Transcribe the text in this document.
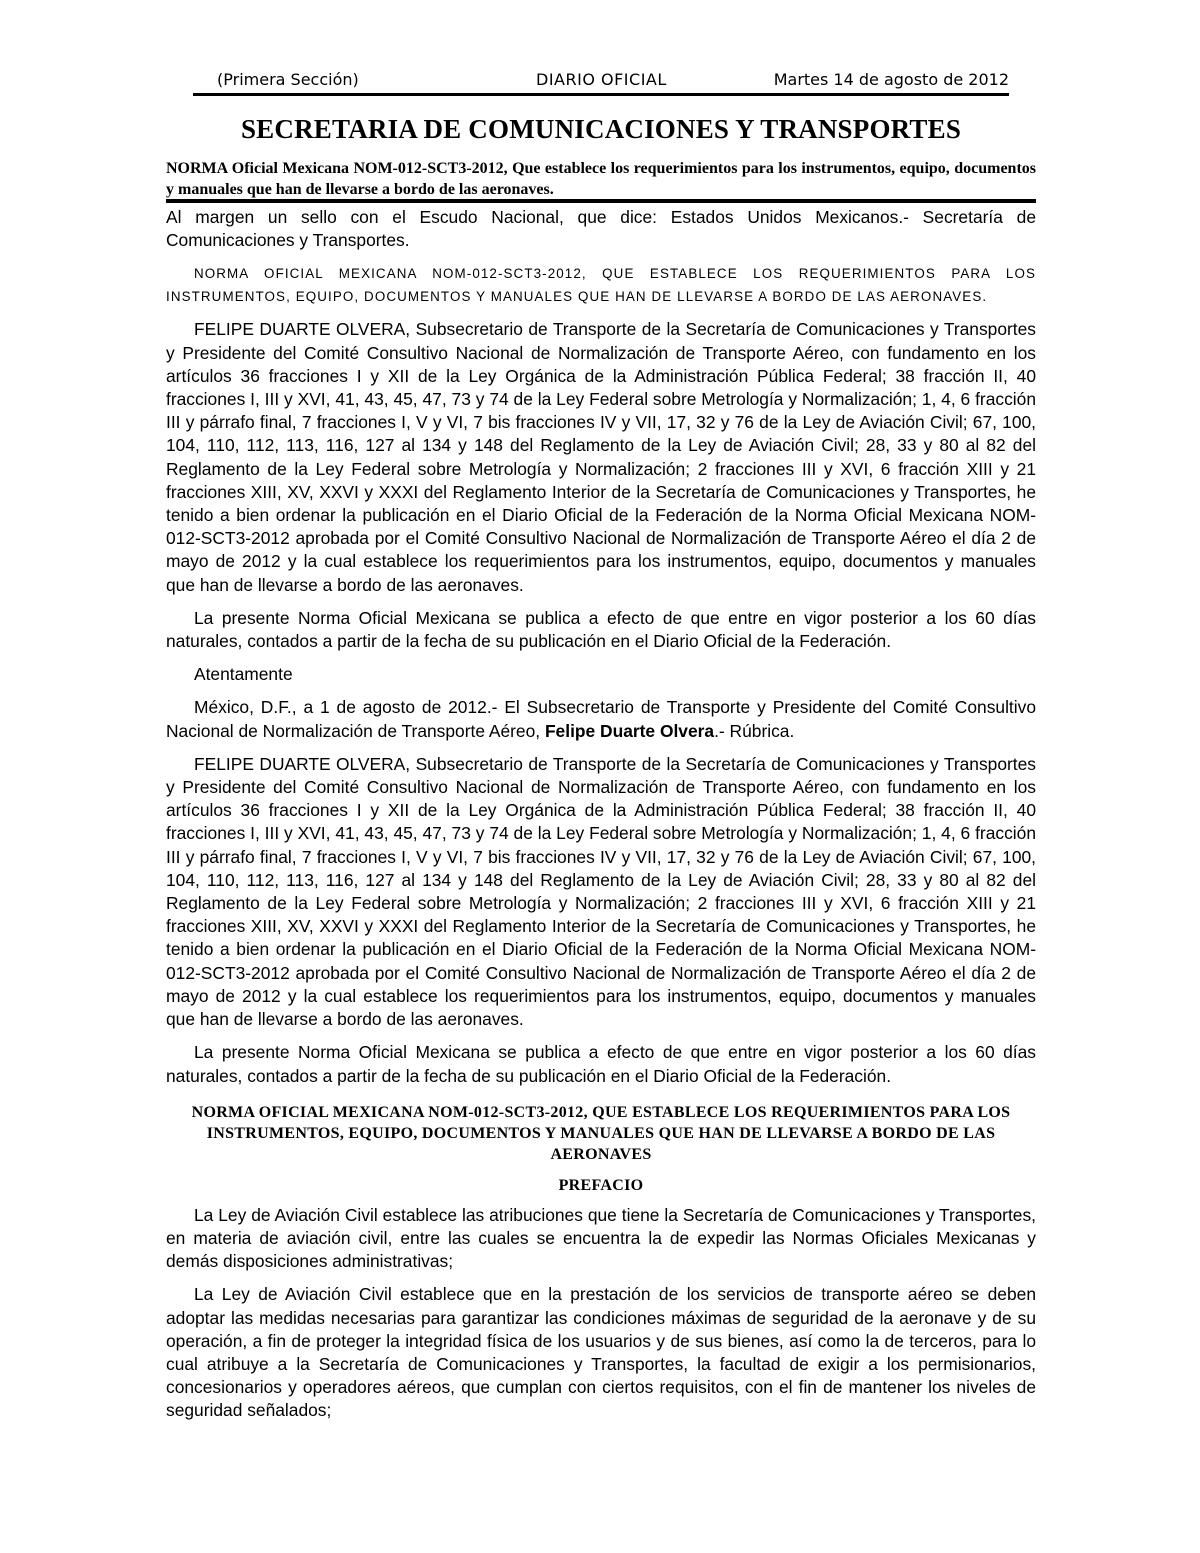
(Primera Sección)	DIARIO OFICIAL	Martes 14 de agosto de 2012
SECRETARIA DE COMUNICACIONES Y TRANSPORTES
NORMA Oficial Mexicana NOM-012-SCT3-2012, Que establece los requerimientos para los instrumentos, equipo, documentos y manuales que han de llevarse a bordo de las aeronaves.

Al margen un sello con el Escudo Nacional, que dice: Estados Unidos Mexicanos.- Secretaría de Comunicaciones y Transportes.

NORMA OFICIAL MEXICANA NOM-012-SCT3-2012, QUE ESTABLECE LOS REQUERIMIENTOS PARA LOS INSTRUMENTOS, EQUIPO, DOCUMENTOS Y MANUALES QUE HAN DE LLEVARSE A BORDO DE LAS AERONAVES.

FELIPE DUARTE OLVERA, Subsecretario de Transporte de la Secretaría de Comunicaciones y Transportes y Presidente del Comité Consultivo Nacional de Normalización de Transporte Aéreo, con fundamento en los artículos 36 fracciones I y XII de la Ley Orgánica de la Administración Pública Federal; 38 fracción II, 40 fracciones I, III y XVI, 41, 43, 45, 47, 73 y 74 de la Ley Federal sobre Metrología y Normalización; 1, 4, 6 fracción III y párrafo final, 7 fracciones I, V y VI, 7 bis fracciones IV y VII, 17, 32 y 76 de la Ley de Aviación Civil; 67, 100, 104, 110, 112, 113, 116, 127 al 134 y 148 del Reglamento de la Ley de Aviación Civil; 28, 33 y 80 al 82 del Reglamento de la Ley Federal sobre Metrología y Normalización; 2 fracciones III y XVI, 6 fracción XIII y 21 fracciones XIII, XV, XXVI y XXXI del Reglamento Interior de la Secretaría de Comunicaciones y Transportes, he tenido a bien ordenar la publicación en el Diario Oficial de la Federación de la Norma Oficial Mexicana NOM-012-SCT3-2012 aprobada por el Comité Consultivo Nacional de Normalización de Transporte Aéreo el día 2 de mayo de 2012 y la cual establece los requerimientos para los instrumentos, equipo, documentos y manuales que han de llevarse a bordo de las aeronaves.

La presente Norma Oficial Mexicana se publica a efecto de que entre en vigor posterior a los 60 días naturales, contados a partir de la fecha de su publicación en el Diario Oficial de la Federación.

Atentamente

México, D.F., a 1 de agosto de 2012.- El Subsecretario de Transporte y Presidente del Comité Consultivo Nacional de Normalización de Transporte Aéreo, Felipe Duarte Olvera.- Rúbrica.

FELIPE DUARTE OLVERA, Subsecretario de Transporte de la Secretaría de Comunicaciones y Transportes y Presidente del Comité Consultivo Nacional de Normalización de Transporte Aéreo, con fundamento en los artículos 36 fracciones I y XII de la Ley Orgánica de la Administración Pública Federal; 38 fracción II, 40 fracciones I, III y XVI, 41, 43, 45, 47, 73 y 74 de la Ley Federal sobre Metrología y Normalización; 1, 4, 6 fracción III y párrafo final, 7 fracciones I, V y VI, 7 bis fracciones IV y VII, 17, 32 y 76 de la Ley de Aviación Civil; 67, 100, 104, 110, 112, 113, 116, 127 al 134 y 148 del Reglamento de la Ley de Aviación Civil; 28, 33 y 80 al 82 del Reglamento de la Ley Federal sobre Metrología y Normalización; 2 fracciones III y XVI, 6 fracción XIII y 21 fracciones XIII, XV, XXVI y XXXI del Reglamento Interior de la Secretaría de Comunicaciones y Transportes, he tenido a bien ordenar la publicación en el Diario Oficial de la Federación de la Norma Oficial Mexicana NOM-012-SCT3-2012 aprobada por el Comité Consultivo Nacional de Normalización de Transporte Aéreo el día 2 de mayo de 2012 y la cual establece los requerimientos para los instrumentos, equipo, documentos y manuales que han de llevarse a bordo de las aeronaves.

La presente Norma Oficial Mexicana se publica a efecto de que entre en vigor posterior a los 60 días naturales, contados a partir de la fecha de su publicación en el Diario Oficial de la Federación.

NORMA OFICIAL MEXICANA NOM-012-SCT3-2012, QUE ESTABLECE LOS REQUERIMIENTOS PARA LOS INSTRUMENTOS, EQUIPO, DOCUMENTOS Y MANUALES QUE HAN DE LLEVARSE A BORDO DE LAS AERONAVES

PREFACIO

La Ley de Aviación Civil establece las atribuciones que tiene la Secretaría de Comunicaciones y Transportes, en materia de aviación civil, entre las cuales se encuentra la de expedir las Normas Oficiales Mexicanas y demás disposiciones administrativas;

La Ley de Aviación Civil establece que en la prestación de los servicios de transporte aéreo se deben adoptar las medidas necesarias para garantizar las condiciones máximas de seguridad de la aeronave y de su operación, a fin de proteger la integridad física de los usuarios y de sus bienes, así como la de terceros, para lo cual atribuye a la Secretaría de Comunicaciones y Transportes, la facultad de exigir a los permisionarios, concesionarios y operadores aéreos, que cumplan con ciertos requisitos, con el fin de mantener los niveles de seguridad señalados;
